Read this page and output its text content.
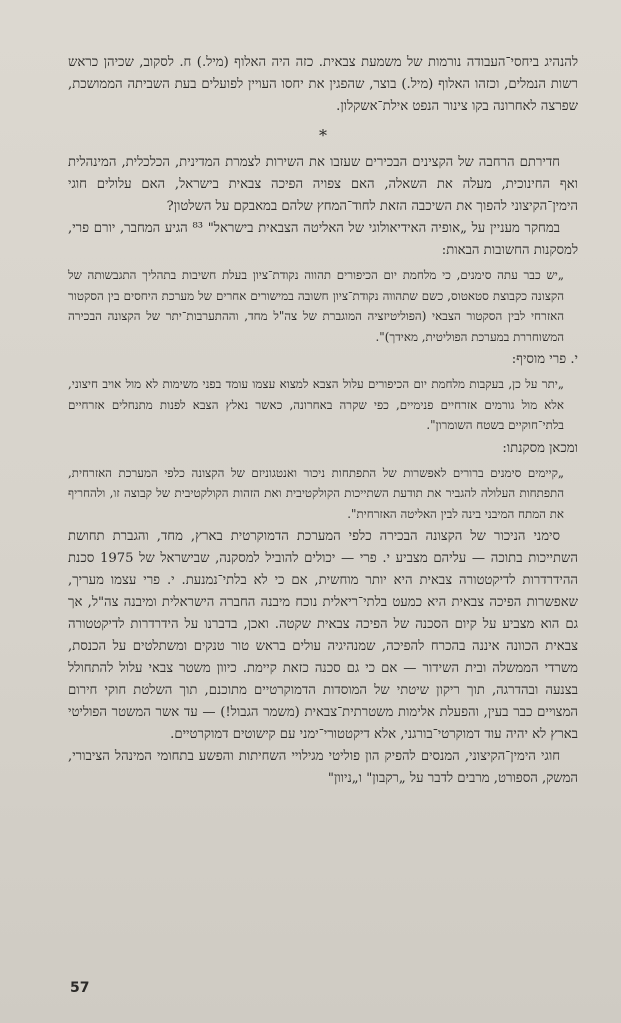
להנהיג ביחסי־העבודה נורמות של משמעת צבאית. כזה היה האלוף (מיל.) ח. לסקוב, שכיהן כראש רשות הנמלים, וכזהו האלוף (מיל.) בוצר, שהפגין את יחסו העויין לפועלים בעת השביתה הממושכת, שפרצה לאחרונה בקו צינור הנפט אילת־אשקלון.

*

חדירתם הרחבה של הקצינים הבכירים שעזבו את השירות לצמרת המדינית, הכלכלית, המינהלית ואף החינוכית, מעלה את השאלה, האם צפויה הפיכה צבאית בישראל, האם עלולים חוגי הימין־הקיצוני להפוך את השיכבה הזאת לחוד־המחץ שלהם במאבקם על השלטון?

במחקר מעניין על „אופיה האידיאולוגי של האליטה הצבאית בישראל" ⁸³ הגיע המחבר, יורם פרי, למסקנות החשובות הבאות:

„יש כבר עתה סימנים, כי מלחמת יום הכיפורים תהווה נקודת־ציון בעלת חשיבות בתהליך התגבשותה של הקצונה כקבוצת סטאטוס, כשם שתהווה נקודת־ציון חשובה במישורים אחרים של מערכת היחסים בין הסקטור האזרחי לבין הסקטור הצבאי (הפוליטיזציה המוגברת של צה"ל מחד, וההתערבות־יתר של הקצונה הבכירה המשוחררת במערכת הפוליטית, מאידך)".

י. פרי מוסיף:

„יתר על כן, בעקבות מלחמת יום הכיפורים עלול הצבא למצוא עצמו עומד בפני משימות לא מול אויב חיצוני, אלא מול גורמים אזרחיים פנימיים, כפי שקרה באחרונה, כאשר נאלץ הצבא לפנות מתנחלים אזרחיים בלתי־חוקיים בשטח השומרון".

ומכאן מסקנתו:

„קיימים סימנים ברורים לאפשרות של התפתחות ניכור ואנטגוניזם של הקצונה כלפי המערכת האזרחית, התפתחות העלולה להגביר את תודעת השתייכות הקולקטיבית ואת הזהות הקולקטיבית של קבוצה זו, ולהחריף את המתח המיבני בינה לבין האליטה האזרחית".

סימני הניכור של הקצונה הבכירה כלפי המערכת הדמוקרטית בארץ, מחד, והגברת תחושת השתייכות בתוכה — עליהם מצביע י. פרי — יכולים להוביל למסקנה, שבישראל של 1975 סכנת ההידרדרות לדיקטטורה צבאית היא יותר מוחשית, אם כי לא בלתי־נמנעת. י. פרי עצמו מעריך, שאפשרות הפיכה צבאית היא כמעט בלתי־ריאלית נוכח מיבנה החברה הישראלית ומיבנה צה"ל, אך גם הוא מצביע על קיום הסכנה של הפיכה צבאית שקטה. ואכן, בדברנו על הידרדרות לדיקטטורה צבאית הכוונה איננה בהכרח להפיכה, שמנהיגיה עולים בראש טור טנקים ומשתלטים על הכנסת, משרדי הממשלה ובית השידור — אם כי גם סכנה כזאת קיימת. כיוון משטר צבאי עלול להתחולל בצנעה ובהדרגה, תוך ריקון שיטתי של המוסדות הדמוקרטיים מתוכנם, תוך השלטת חוקי חירום המצויים כבר בעין, והפעלת אלימות משטרתית־צבאית (משמר הגבול!) — עד אשר המשטר הפוליטי בארץ לא יהיה עוד דמוקרטי־בורגני, אלא דיקטטורי־ימני עם קישוטים דמוקרטיים.

חוגי הימין־הקיצוני, המנסים להפיק הון פוליטי מגילויי השחיתות והפשע בתחומי המינהל הציבורי, המשק, הספורט, מרבים לדבר על „רקבון" ו„ניוון"

57
